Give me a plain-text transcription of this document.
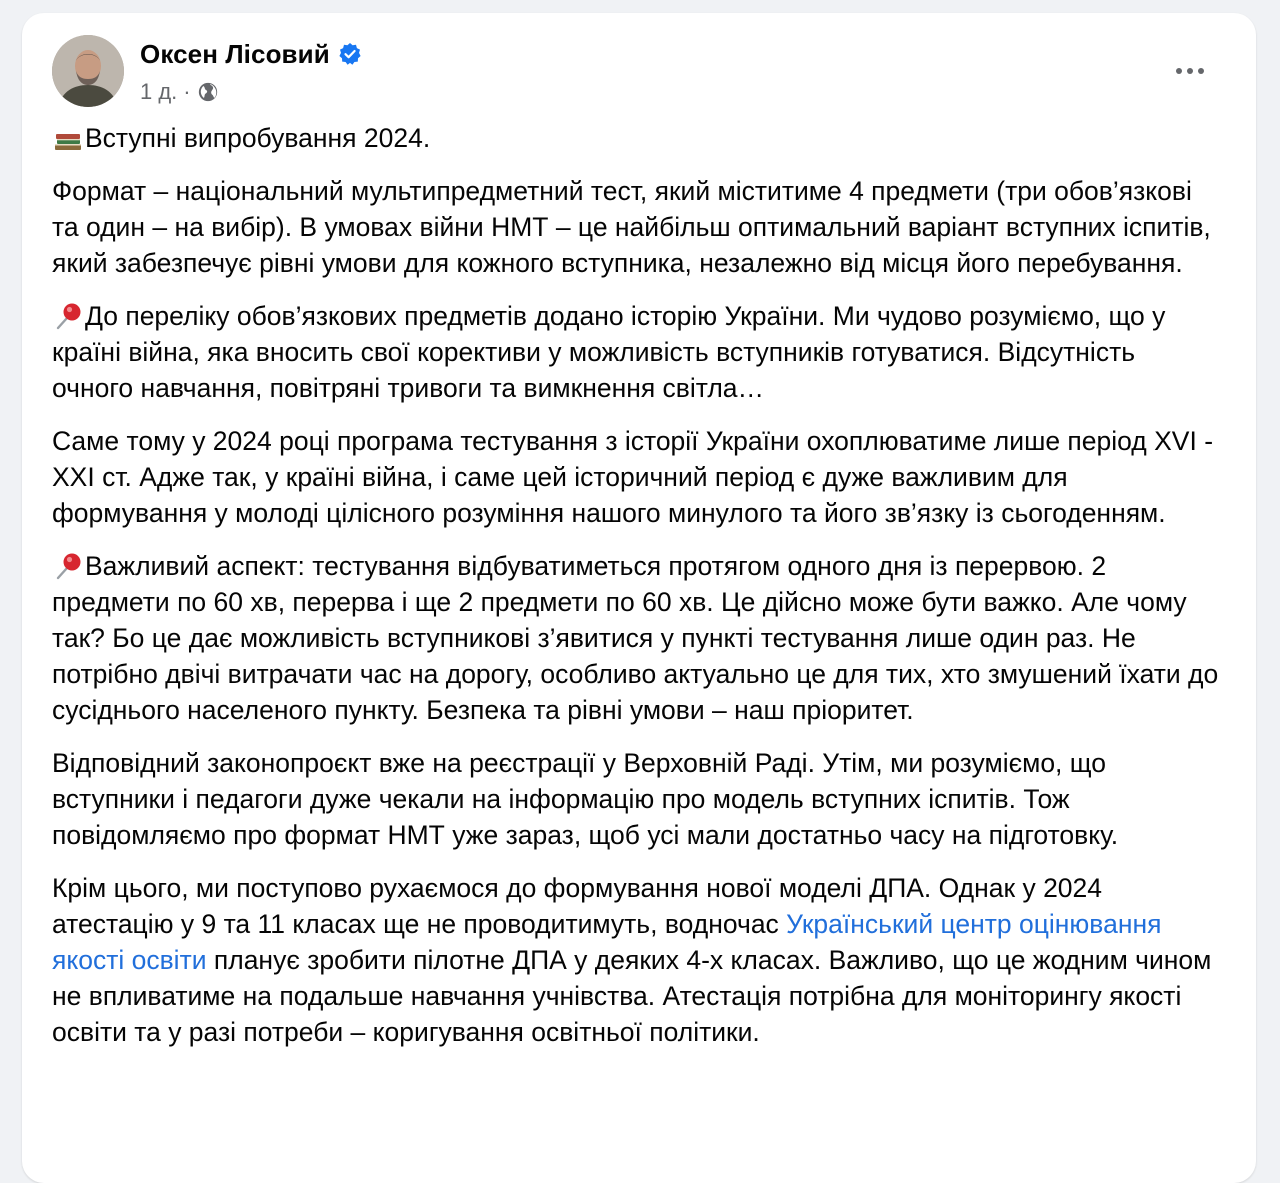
Оксен Лісовий
1 д. ·

Вступні випробування 2024.

Формат – національний мультипредметний тест, який міститиме 4 предмети (три обов’язкові та один – на вибір). В умовах війни НМТ – це найбільш оптимальний варіант вступних іспитів, який забезпечує рівні умови для кожного вступника, незалежно від місця його перебування.

До переліку обов’язкових предметів додано історію України. Ми чудово розуміємо, що у країні війна, яка вносить свої корективи у можливість вступників готуватися. Відсутність очного навчання, повітряні тривоги та вимкнення світла…

Саме тому у 2024 році програма тестування з історії України охоплюватиме лише період XVI - XXI ст. Адже так, у країні війна, і саме цей історичний період є дуже важливим для формування у молоді цілісного розуміння нашого минулого та його зв’язку із сьогоденням.

Важливий аспект: тестування відбуватиметься протягом одного дня із перервою. 2 предмети по 60 хв, перерва і ще 2 предмети по 60 хв. Це дійсно може бути важко. Але чому так? Бо це дає можливість вступникові з’явитися у пункті тестування лише один раз. Не потрібно двічі витрачати час на дорогу, особливо актуально це для тих, хто змушений їхати до сусіднього населеного пункту. Безпека та рівні умови – наш пріоритет.

Відповідний законопроєкт вже на реєстрації у Верховній Раді. Утім, ми розуміємо, що вступники і педагоги дуже чекали на інформацію про модель вступних іспитів. Тож повідомляємо про формат НМТ уже зараз, щоб усі мали достатньо часу на підготовку.

Крім цього, ми поступово рухаємося до формування нової моделі ДПА. Однак у 2024 атестацію у 9 та 11 класах ще не проводитимуть, водночас Український центр оцінювання якості освіти планує зробити пілотне ДПА у деяких 4-х класах. Важливо, що це жодним чином не впливатиме на подальше навчання учнівства. Атестація потрібна для моніторингу якості освіти та у разі потреби – коригування освітньої політики.
